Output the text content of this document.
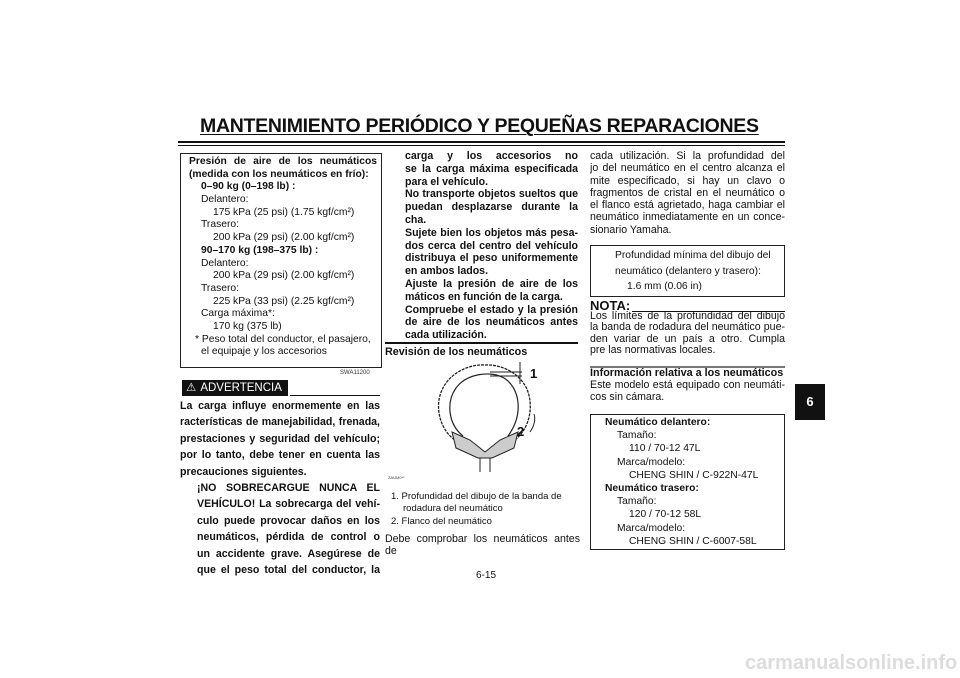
MANTENIMIENTO PERIÓDICO Y PEQUEÑAS REPARACIONES
Presión de aire de los neumáticos
(medida con los neumáticos en frío):
0–90 kg (0–198 lb) :
Delantero:
175 kPa (25 psi) (1.75 kgf/cm²)
Trasero:
200 kPa (29 psi) (2.00 kgf/cm²)
90–170 kg (198–375 lb) :
Delantero:
200 kPa (29 psi) (2.00 kgf/cm²)
Trasero:
225 kPa (33 psi) (2.25 kgf/cm²)
Carga máxima*:
170 kg (375 lb)
* Peso total del conductor, el pasajero,
el equipaje y los accesorios
SWA11200
⚠ ADVERTENCIA
La carga influye enormemente en las
racterísticas de manejabilidad, frenada,
prestaciones y seguridad del vehículo;
por lo tanto, debe tener en cuenta las
precauciones siguientes.
¡NO SOBRECARGUE NUNCA EL
VEHÍCULO! La sobrecarga del vehí-
culo puede provocar daños en los
neumáticos, pérdida de control o
un accidente grave. Asegúrese de
que el peso total del conductor, la
carga y los accesorios no
se la carga máxima especificada
para el vehículo.
No transporte objetos sueltos que
puedan desplazarse durante la
cha.
Sujete bien los objetos más pesa-
dos cerca del centro del vehículo
distribuya el peso uniformemente
en ambos lados.
Ajuste la presión de aire de los
máticos en función de la carga.
Compruebe el estado y la presión
de aire de los neumáticos antes
cada utilización.
Revisión de los neumáticos
1
2
ZAUM0**
1. Profundidad del dibujo de la banda de
rodadura del neumático
2. Flanco del neumático
Debe comprobar los neumáticos antes de
6-15
cada utilización. Si la profundidad del
jo del neumático en el centro alcanza el
mite especificado, si hay un clavo o
fragmentos de cristal en el neumático o
el flanco está agrietado, haga cambiar el
neumático inmediatamente en un conce-
sionario Yamaha.
Profundidad mínima del dibujo del
neumático (delantero y trasero):
1.6 mm (0.06 in)
NOTA:
Los límites de la profundidad del dibujo
la banda de rodadura del neumático pue-
den variar de un país a otro. Cumpla
pre las normativas locales.
Información relativa a los neumáticos
Este modelo está equipado con neumáti-
cos sin cámara.
Neumático delantero:
Tamaño:
110 / 70-12 47L
Marca/modelo:
CHENG SHIN / C-922N-47L
Neumático trasero:
Tamaño:
120 / 70-12 58L
Marca/modelo:
CHENG SHIN / C-6007-58L
6
carmanualsonline.info
